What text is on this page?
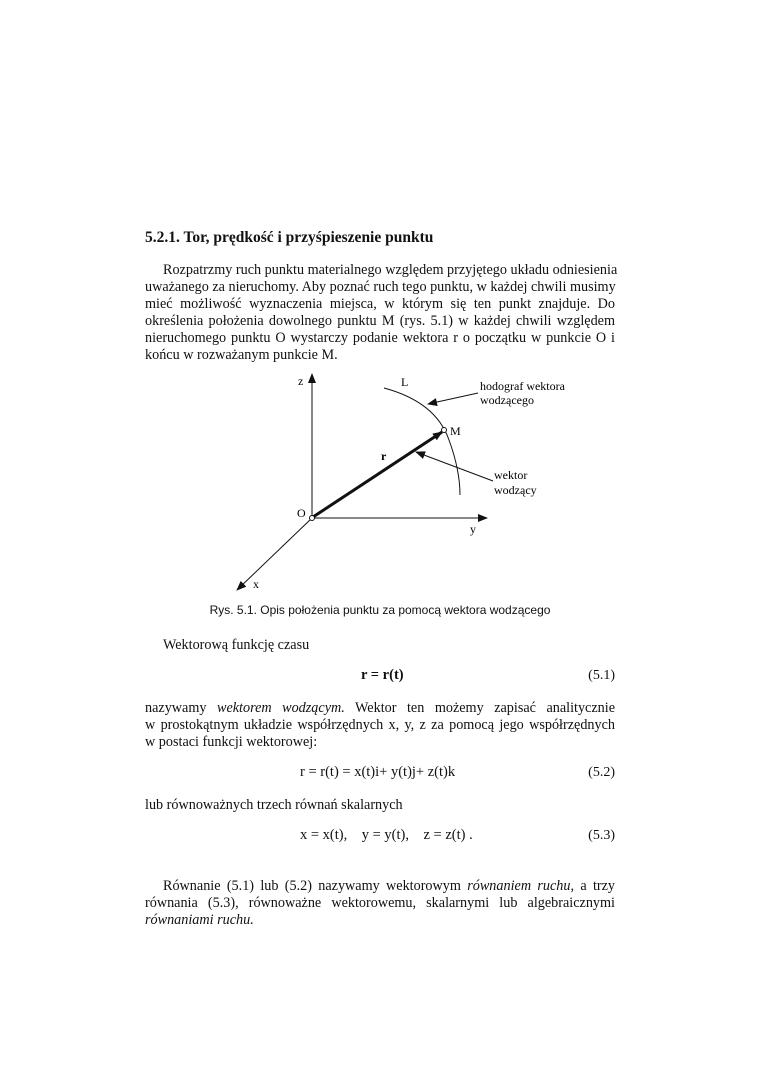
5.2.1. Tor, prędkość i przyśpieszenie punktu
Rozpatrzmy ruch punktu materialnego względem przyjętego układu odniesienia
uważanego za nieruchomy. Aby poznać ruch tego punktu, w każdej chwili musimy
mieć możliwość wyznaczenia miejsca, w którym się ten punkt znajduje. Do
określenia położenia dowolnego punktu M (rys. 5.1) w każdej chwili względem
nieruchomego punktu O wystarczy podanie wektora r o początku w punkcie O i
końcu w rozważanym punkcie M.
z	L	hodograf wektora
wodzącego
M
r
wektor
wodzący
O
y
x
Rys. 5.1. Opis położenia punktu za pomocą wektora wodzącego
Wektorową funkcję czasu
r = r(t)	(5.1)
nazywamy wektorem wodzącym. Wektor ten możemy zapisać analitycznie
w prostokątnym układzie współrzędnych x, y, z za pomocą jego współrzędnych
w postaci funkcji wektorowej:
r = r(t) = x(t)i+ y(t)j+ z(t)k	(5.2)
lub równoważnych trzech równań skalarnych
x = x(t),    y = y(t),    z = z(t) .	(5.3)
Równanie (5.1) lub (5.2) nazywamy wektorowym równaniem ruchu, a trzy
równania (5.3), równoważne wektorowemu, skalarnymi lub algebraicznymi
równaniami ruchu.
